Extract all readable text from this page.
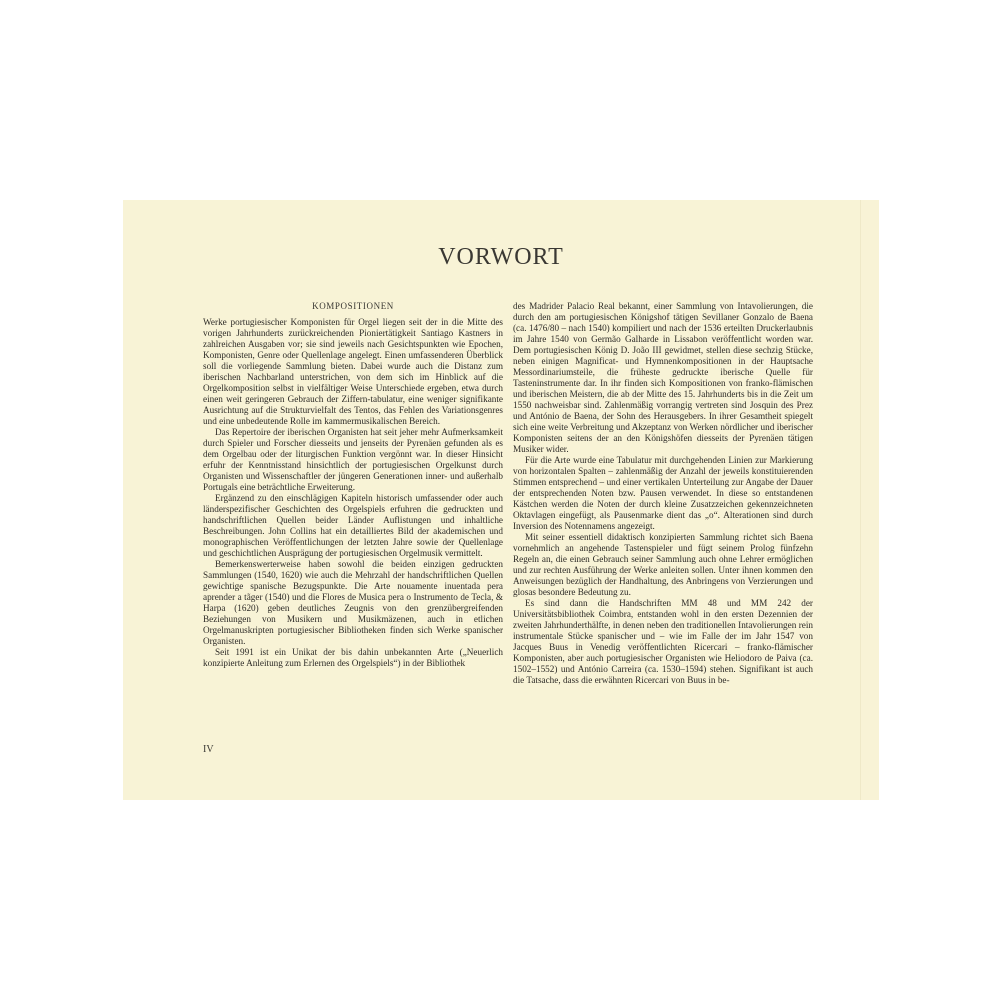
VORWORT
KOMPOSITIONEN

Werke portugiesischer Komponisten für Orgel liegen seit der in die Mitte des vorigen Jahrhunderts zurückreichenden Pioniertätigkeit Santiago Kastners in zahlreichen Ausgaben vor; sie sind jeweils nach Gesichtspunkten wie Epochen, Komponisten, Genre oder Quellenlage angelegt. Einen umfassenderen Überblick soll die vorliegende Sammlung bieten. Dabei wurde auch die Distanz zum iberischen Nachbarland unterstrichen, von dem sich im Hinblick auf die Orgelkomposition selbst in vielfältiger Weise Unterschiede ergeben, etwa durch einen weit geringeren Gebrauch der Ziffern-tabulatur, eine weniger signifikante Ausrichtung auf die Strukturvielfalt des Tentos, das Fehlen des Variationsgenres und eine unbedeutende Rolle im kammermusikalischen Bereich.

Das Repertoire der iberischen Organisten hat seit jeher mehr Aufmerksamkeit durch Spieler und Forscher diesseits und jenseits der Pyrenäen gefunden als es dem Orgelbau oder der liturgischen Funktion vergönnt war. In dieser Hinsicht erfuhr der Kenntnisstand hinsichtlich der portugiesischen Orgelkunst durch Organisten und Wissenschaftler der jüngeren Generationen inner- und außerhalb Portugals eine beträchtliche Erweiterung.

Ergänzend zu den einschlägigen Kapiteln historisch umfassender oder auch länderspezifischer Geschichten des Orgelspiels erfuhren die gedruckten und handschriftlichen Quellen beider Länder Auflistungen und inhaltliche Beschreibungen. John Collins hat ein detailliertes Bild der akademischen und monographischen Veröffentlichungen der letzten Jahre sowie der Quellenlage und geschichtlichen Ausprägung der portugiesischen Orgelmusik vermittelt.

Bemerkenswerterweise haben sowohl die beiden einzigen gedruckten Sammlungen (1540, 1620) wie auch die Mehrzahl der handschriftlichen Quellen gewichtige spanische Bezugspunkte. Die Arte nouamente inuentada pera aprender a tãger (1540) und die Flores de Musica pera o Instrumento de Tecla, & Harpa (1620) geben deutliches Zeugnis von den grenzübergreifenden Beziehungen von Musikern und Musikmäzenen, auch in etlichen Orgelmanuskripten portugiesischer Bibliotheken finden sich Werke spanischer Organisten.

Seit 1991 ist ein Unikat der bis dahin unbekannten Arte („Neuerlich konzipierte Anleitung zum Erlernen des Orgelspiels“) in der Bibliothek

des Madrider Palacio Real bekannt, einer Sammlung von Intavolierungen, die durch den am portugiesischen Königshof tätigen Sevillaner Gonzalo de Baena (ca. 1476/80 – nach 1540) kompiliert und nach der 1536 erteilten Druckerlaubnis im Jahre 1540 von Germão Galharde in Lissabon veröffentlicht worden war. Dem portugiesischen König D. João III gewidmet, stellen diese sechzig Stücke, neben einigen Magnificat- und Hymnenkompositionen in der Hauptsache Messordinariumsteile, die früheste gedruckte iberische Quelle für Tasteninstrumente dar. In ihr finden sich Kompositionen von franko-flämischen und iberischen Meistern, die ab der Mitte des 15. Jahrhunderts bis in die Zeit um 1550 nachweisbar sind. Zahlenmäßig vorrangig vertreten sind Josquin des Prez und António de Baena, der Sohn des Herausgebers. In ihrer Gesamtheit spiegelt sich eine weite Verbreitung und Akzeptanz von Werken nördlicher und iberischer Komponisten seitens der an den Königshöfen diesseits der Pyrenäen tätigen Musiker wider.

Für die Arte wurde eine Tabulatur mit durchgehenden Linien zur Markierung von horizontalen Spalten – zahlenmäßig der Anzahl der jeweils konstituierenden Stimmen entsprechend – und einer vertikalen Unterteilung zur Angabe der Dauer der entsprechenden Noten bzw. Pausen verwendet. In diese so entstandenen Kästchen werden die Noten der durch kleine Zusatzzeichen gekennzeichneten Oktavlagen eingefügt, als Pausenmarke dient das „o“. Alterationen sind durch Inversion des Notennamens angezeigt.

Mit seiner essentiell didaktisch konzipierten Sammlung richtet sich Baena vornehmlich an angehende Tastenspieler und fügt seinem Prolog fünfzehn Regeln an, die einen Gebrauch seiner Sammlung auch ohne Lehrer ermöglichen und zur rechten Ausführung der Werke anleiten sollen. Unter ihnen kommen den Anweisungen bezüglich der Handhaltung, des Anbringens von Verzierungen und glosas besondere Bedeutung zu.

Es sind dann die Handschriften MM 48 und MM 242 der Universitätsbibliothek Coimbra, entstanden wohl in den ersten Dezennien der zweiten Jahrhunderthälfte, in denen neben den traditionellen Intavolierungen rein instrumentale Stücke spanischer und – wie im Falle der im Jahr 1547 von Jacques Buus in Venedig veröffentlichten Ricercari – franko-flämischer Komponisten, aber auch portugiesischer Organisten wie Heliodoro de Paiva (ca. 1502–1552) und António Carreira (ca. 1530–1594) stehen. Signifikant ist auch die Tatsache, dass die erwähnten Ricercari von Buus in be-

IV
